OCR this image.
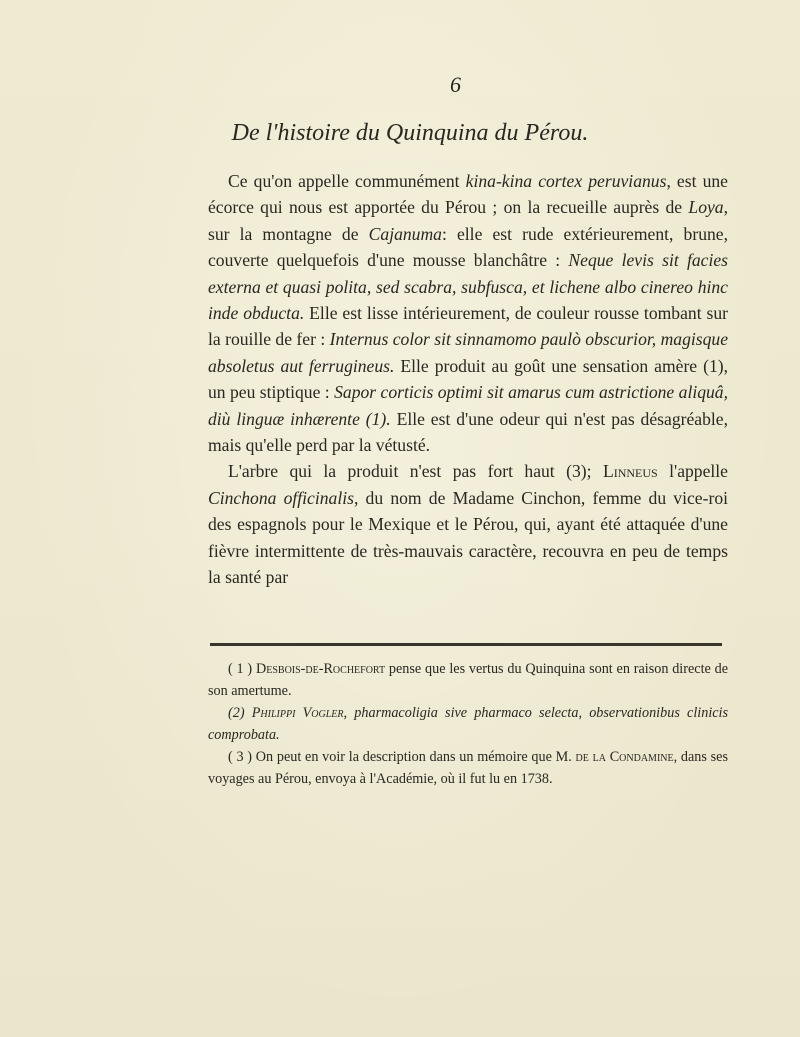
6
De l'histoire du Quinquina du Pérou.

Ce qu'on appelle communément kina-kina cortex peruvianus, est une écorce qui nous est apportée du Pérou ; on la recueille auprès de Loya, sur la montagne de Cajanuma: elle est rude extérieurement, brune, couverte quelquefois d'une mousse blanchâtre : Neque levis sit facies externa et quasi polita, sed scabra, subfusca, et lichene albo cinereo hinc inde obducta. Elle est lisse intérieurement, de couleur rousse tombant sur la rouille de fer : Internus color sit sinnamomo paulò obscurior, magisque absoletus aut ferrugineus. Elle produit au goût une sensation amère (1), un peu stiptique : Sapor corticis optimi sit amarus cum astrictione aliquâ, diù linguæ inhærente (1). Elle est d'une odeur qui n'est pas désagréable, mais qu'elle perd par la vétusté.

L'arbre qui la produit n'est pas fort haut (3); Linneus l'appelle Cinchona officinalis, du nom de Madame Cinchon, femme du vice-roi des espagnols pour le Mexique et le Pérou, qui, ayant été attaquée d'une fièvre intermittente de très-mauvais caractère, recouvra en peu de temps la santé par

( 1 ) Desbois-de-Rochefort pense que les vertus du Quinquina sont en raison directe de son amertume.

(2) Philippi Vogler, pharmacoligia sive pharmaco selecta, observationibus clinicis comprobata.

( 3 ) On peut en voir la description dans un mémoire que M. de la Condamine, dans ses voyages au Pérou, envoya à l'Académie, où il fut lu en 1738.
